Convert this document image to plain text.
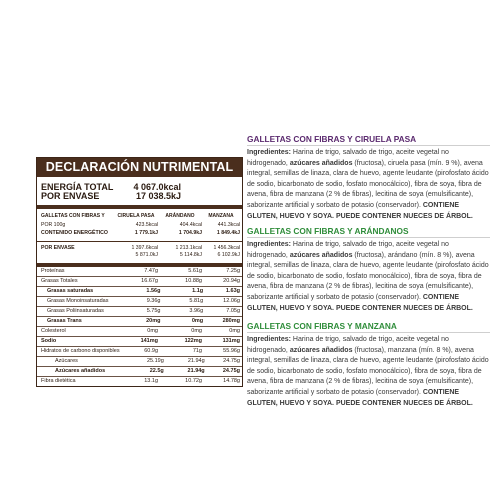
DECLARACIÓN NUTRIMENTAL
ENERGÍA TOTAL	4 067.0kcal
POR ENVASE	17 038.5kJ
GALLETAS CON FIBRAS Y	CIRUELA PASA	ARÁNDANO	MANZANA
POR 100g	423.5kcal	404.4kcal	441.3kcal
CONTENIDO ENERGÉTICO	1 779.1kJ	1 704.9kJ	1 849.4kJ
POR ENVASE	1 397.6kcal	1 213.1kcal	1 456.3kcal
5 871.0kJ	5 114.8kJ	6 102.9kJ
Proteínas	7.47g	5.61g	7.25g
Grasas Totales	16.67g	10.88g	20.94g
Grasas saturadas	1.56g	1.1g	1.63g
Grasas Monoinsaturadas	9.36g	5.81g	12.06g
Grasas Poliinsaturadas	5.75g	3.96g	7.05g
Grasas Trans	20mg	0mg	280mg
Colesterol	0mg	0mg	0mg
Sodio	141mg	122mg	131mg
Hidratos de carbono disponibles	60.9g	71g	55.96g
Azúcares	25.19g	21.94g	24.75g
Azúcares añadidos	22.5g	21.94g	24.75g
Fibra dietética	13.1g	10.72g	14.78g
GALLETAS CON FIBRAS Y CIRUELA PASA
Ingredientes: Harina de trigo, salvado de trigo, aceite vegetal no hidrogenado, azúcares añadidos (fructosa), ciruela pasa (mín. 9 %), avena integral, semillas de linaza, clara de huevo, agente leudante (pirofosfato ácido de sodio, bicarbonato de sodio, fosfato monocálcico), fibra de soya, fibra de avena, fibra de manzana (2 % de fibras), lecitina de soya (emulsificante), saborizante artificial y sorbato de potasio (conservador). CONTIENE GLUTEN, HUEVO Y SOYA. PUEDE CONTENER NUECES DE ÁRBOL.
GALLETAS CON FIBRAS Y ARÁNDANOS
Ingredientes: Harina de trigo, salvado de trigo, aceite vegetal no hidrogenado, azúcares añadidos (fructosa), arándano (mín. 8 %), avena integral, semillas de linaza, clara de huevo, agente leudante (pirofosfato ácido de sodio, bicarbonato de sodio, fosfato monocálcico), fibra de soya, fibra de avena, fibra de manzana (2 % de fibras), lecitina de soya (emulsificante), saborizante artificial y sorbato de potasio (conservador). CONTIENE GLUTEN, HUEVO Y SOYA. PUEDE CONTENER NUECES DE ÁRBOL.
GALLETAS CON FIBRAS Y MANZANA
Ingredientes: Harina de trigo, salvado de trigo, aceite vegetal no hidrogenado, azúcares añadidos (fructosa), manzana (mín. 8 %), avena integral, semillas de linaza, clara de huevo, agente leudante (pirofosfato ácido de sodio, bicarbonato de sodio, fosfato monocálcico), fibra de soya, fibra de avena, fibra de manzana (2 % de fibras), lecitina de soya (emulsificante), saborizante artificial y sorbato de potasio (conservador). CONTIENE GLUTEN, HUEVO Y SOYA. PUEDE CONTENER NUECES DE ÁRBOL.
